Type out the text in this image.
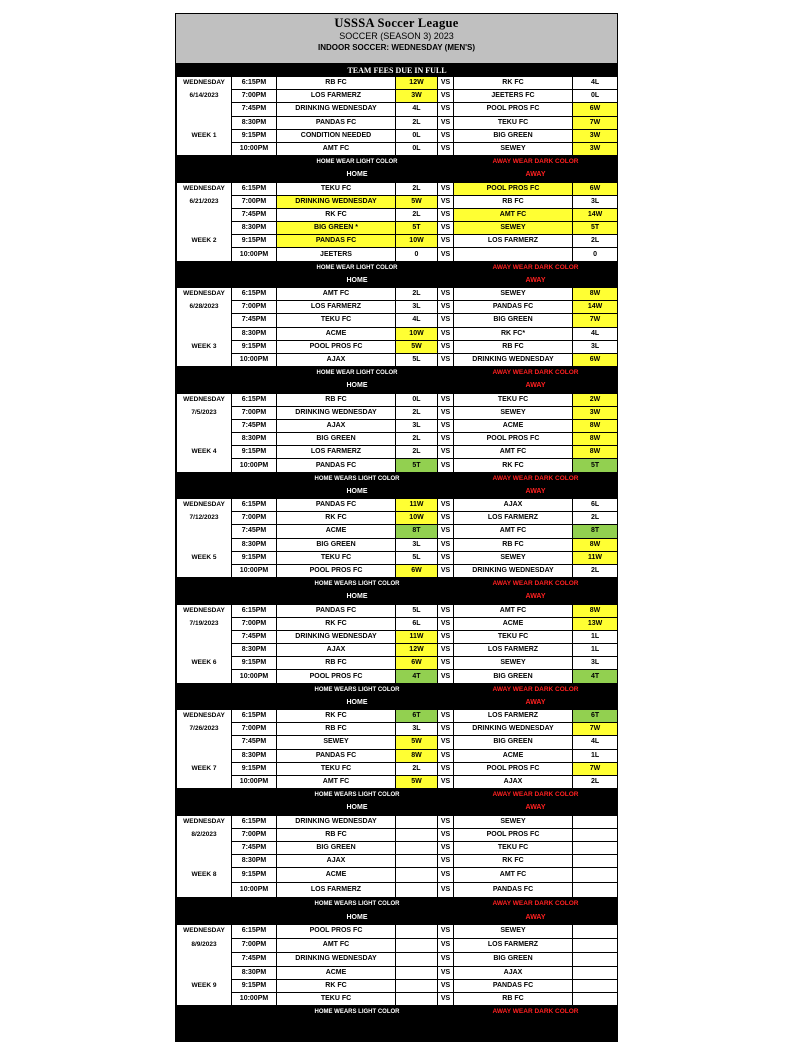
USSSA Soccer League
SOCCER (SEASON 3) 2023
INDOOR SOCCER: WEDNESDAY (MEN'S)
TEAM FEES DUE IN FULL						
WEDNESDAY	6:15PM	RB FC	12W	VS	RK FC	4L
6/14/2023	7:00PM	LOS FARMERZ	3W	VS	JEETERS FC	0L
	7:45PM	DRINKING WEDNESDAY	4L	VS	POOL PROS FC	6W
	8:30PM	PANDAS FC	2L	VS	TEKU FC	7W
WEEK 1	9:15PM	CONDITION NEEDED	0L	VS	BIG GREEN	3W
	10:00PM	AMT FC	0L	VS	SEWEY	3W
		HOME WEAR LIGHT COLOR			AWAY WEAR DARK COLOR	
		HOME			AWAY	
WEDNESDAY	6:15PM	TEKU FC	2L	VS	POOL PROS FC	6W
6/21/2023	7:00PM	DRINKING WEDNESDAY	5W	VS	RB FC	3L
	7:45PM	RK FC	2L	VS	AMT FC	14W
	8:30PM	BIG GREEN *	5T	VS	SEWEY	5T
WEEK 2	9:15PM	PANDAS FC	10W	VS	LOS FARMERZ	2L
	10:00PM	JEETERS	0	VS		0
		HOME WEAR LIGHT COLOR			AWAY WEAR DARK COLOR	
		HOME			AWAY	
WEDNESDAY	6:15PM	AMT FC	2L	VS	SEWEY	8W
6/28/2023	7:00PM	LOS FARMERZ	3L	VS	PANDAS FC	14W
	7:45PM	TEKU FC	4L	VS	BIG GREEN	7W
	8:30PM	ACME	10W	VS	RK FC*	4L
WEEK 3	9:15PM	POOL PROS FC	5W	VS	RB FC	3L
	10:00PM	AJAX	5L	VS	DRINKING WEDNESDAY	6W
		HOME WEAR LIGHT COLOR			AWAY WEAR DARK COLOR	
		HOME			AWAY	
WEDNESDAY	6:15PM	RB FC	0L	VS	TEKU FC	2W
7/5/2023	7:00PM	DRINKING WEDNESDAY	2L	VS	SEWEY	3W
	7:45PM	AJAX	3L	VS	ACME	8W
	8:30PM	BIG GREEN	2L	VS	POOL PROS FC	8W
WEEK 4	9:15PM	LOS FARMERZ	2L	VS	AMT FC	8W
	10:00PM	PANDAS FC	5T	VS	RK FC	5T
		HOME WEARS LIGHT COLOR			AWAY WEAR DARK COLOR	
		HOME			AWAY	
WEDNESDAY	6:15PM	PANDAS FC	11W	VS	AJAX	6L
7/12/2023	7:00PM	RK FC	10W	VS	LOS FARMERZ	2L
	7:45PM	ACME	8T	VS	AMT FC	8T
	8:30PM	BIG GREEN	3L	VS	RB FC	8W
WEEK 5	9:15PM	TEKU FC	5L	VS	SEWEY	11W
	10:00PM	POOL PROS FC	6W	VS	DRINKING WEDNESDAY	2L
		HOME WEARS LIGHT COLOR			AWAY WEAR DARK COLOR	
		HOME			AWAY	
WEDNESDAY	6:15PM	PANDAS FC	5L	VS	AMT FC	8W
7/19/2023	7:00PM	RK FC	6L	VS	ACME	13W
	7:45PM	DRINKING WEDNESDAY	11W	VS	TEKU FC	1L
	8:30PM	AJAX	12W	VS	LOS FARMERZ	1L
WEEK 6	9:15PM	RB FC	6W	VS	SEWEY	3L
	10:00PM	POOL PROS FC	4T	VS	BIG GREEN	4T
		HOME WEARS LIGHT COLOR			AWAY WEAR DARK COLOR	
		HOME			AWAY	
WEDNESDAY	6:15PM	RK FC	6T	VS	LOS FARMERZ	6T
7/26/2023	7:00PM	RB FC	3L	VS	DRINKING WEDNESDAY	7W
	7:45PM	SEWEY	5W	VS	BIG GREEN	4L
	8:30PM	PANDAS FC	8W	VS	ACME	1L
WEEK 7	9:15PM	TEKU FC	2L	VS	POOL PROS FC	7W
	10:00PM	AMT FC	5W	VS	AJAX	2L
		HOME WEARS LIGHT COLOR			AWAY WEAR DARK COLOR	
		HOME			AWAY	
WEDNESDAY	6:15PM	DRINKING WEDNESDAY		VS	SEWEY	
8/2/2023	7:00PM	RB FC		VS	POOL PROS FC	
	7:45PM	BIG GREEN		VS	TEKU FC	
	8:30PM	AJAX		VS	RK FC	
WEEK 8	9:15PM	ACME		VS	AMT FC	
	10:00PM	LOS FARMERZ		VS	PANDAS FC	
		HOME WEARS LIGHT COLOR			AWAY WEAR DARK COLOR	
		HOME			AWAY	
WEDNESDAY	6:15PM	POOL PROS FC		VS	SEWEY	
8/9/2023	7:00PM	AMT FC		VS	LOS FARMERZ	
	7:45PM	DRINKING WEDNESDAY		VS	BIG GREEN	
	8:30PM	ACME		VS	AJAX	
WEEK 9	9:15PM	RK FC		VS	PANDAS FC	
	10:00PM	TEKU FC		VS	RB FC	
		HOME WEARS LIGHT COLOR			AWAY WEAR DARK COLOR	
